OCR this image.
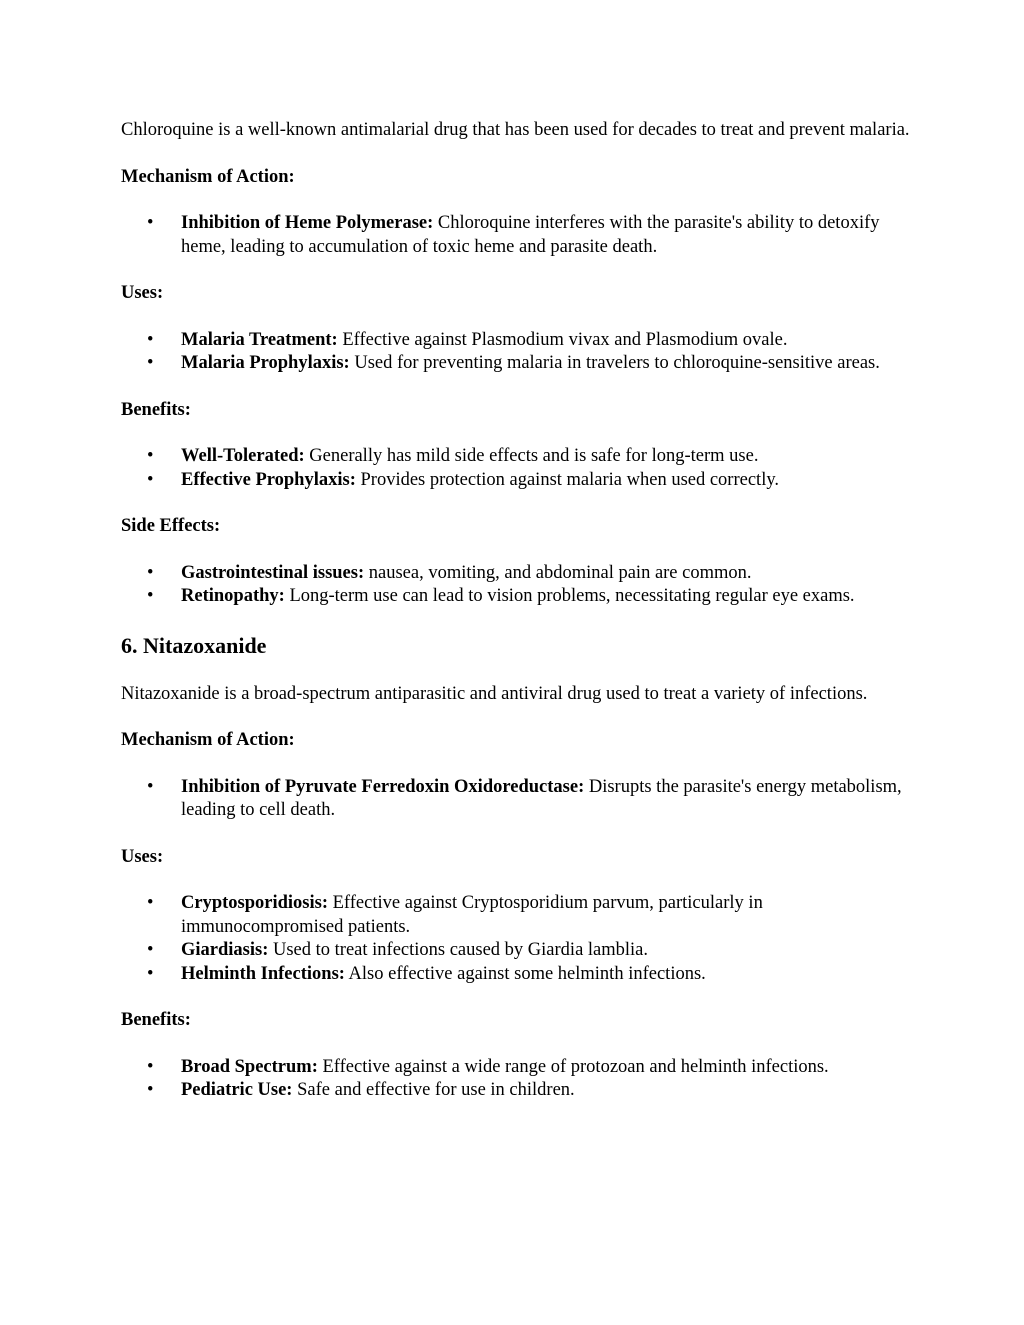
Chloroquine is a well-known antimalarial drug that has been used for decades to treat and prevent malaria.

Mechanism of Action:

• Inhibition of Heme Polymerase: Chloroquine interferes with the parasite's ability to detoxify heme, leading to accumulation of toxic heme and parasite death.

Uses:

• Malaria Treatment: Effective against Plasmodium vivax and Plasmodium ovale.
• Malaria Prophylaxis: Used for preventing malaria in travelers to chloroquine-sensitive areas.

Benefits:

• Well-Tolerated: Generally has mild side effects and is safe for long-term use.
• Effective Prophylaxis: Provides protection against malaria when used correctly.

Side Effects:

• Gastrointestinal issues: nausea, vomiting, and abdominal pain are common.
• Retinopathy: Long-term use can lead to vision problems, necessitating regular eye exams.
6. Nitazoxanide

Nitazoxanide is a broad-spectrum antiparasitic and antiviral drug used to treat a variety of infections.

Mechanism of Action:

• Inhibition of Pyruvate Ferredoxin Oxidoreductase: Disrupts the parasite's energy metabolism, leading to cell death.

Uses:

• Cryptosporidiosis: Effective against Cryptosporidium parvum, particularly in immunocompromised patients.
• Giardiasis: Used to treat infections caused by Giardia lamblia.
• Helminth Infections: Also effective against some helminth infections.

Benefits:

• Broad Spectrum: Effective against a wide range of protozoan and helminth infections.
• Pediatric Use: Safe and effective for use in children.
